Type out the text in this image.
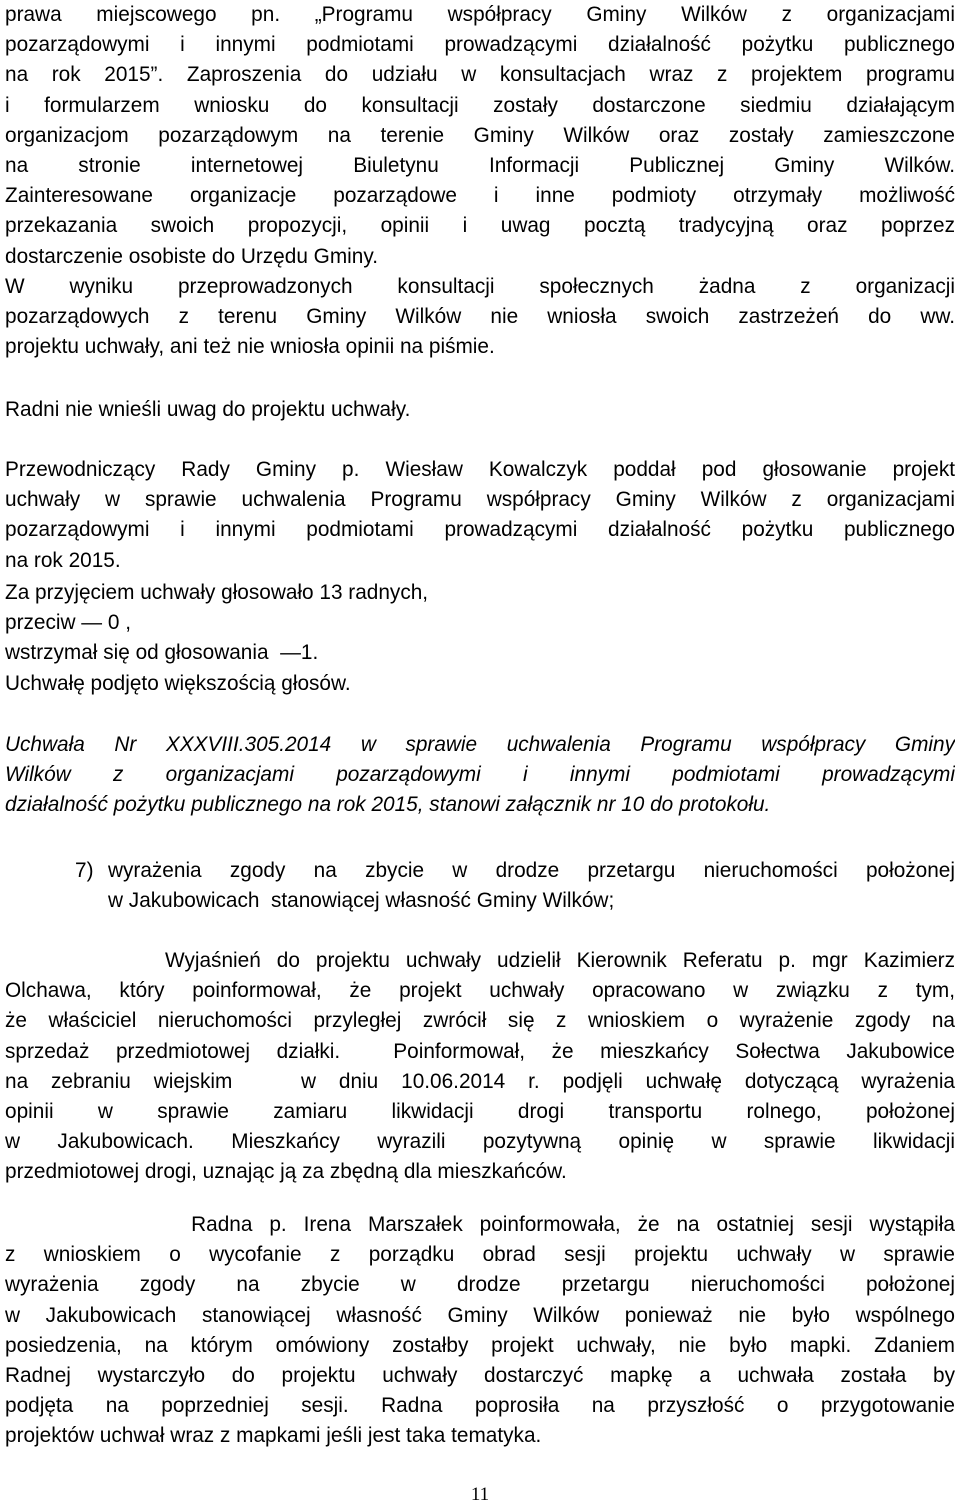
prawa miejscowego pn. „Programu współpracy Gminy Wilków z organizacjami
pozarządowymi i innymi podmiotami prowadzącymi działalność pożytku publicznego
na rok 2015”. Zaproszenia do udziału w konsultacjach wraz z projektem programu
i formularzem wniosku do konsultacji zostały dostarczone siedmiu działającym
organizacjom pozarządowym na terenie Gminy Wilków oraz zostały zamieszczone
na stronie internetowej Biuletynu Informacji Publicznej Gminy Wilków.
Zainteresowane organizacje pozarządowe i inne podmioty otrzymały możliwość
przekazania swoich propozycji, opinii i uwag pocztą tradycyjną oraz poprzez
dostarczenie osobiste do Urzędu Gminy.
W wyniku przeprowadzonych konsultacji społecznych żadna z organizacji
pozarządowych z terenu Gminy Wilków nie wniosła swoich zastrzeżeń do ww.
projektu uchwały, ani też nie wniosła opinii na piśmie.
Radni nie wnieśli uwag do projektu uchwały.
Przewodniczący Rady Gminy p. Wiesław Kowalczyk poddał pod głosowanie projekt
uchwały w sprawie uchwalenia Programu współpracy Gminy Wilków z organizacjami
pozarządowymi i innymi podmiotami prowadzącymi działalność pożytku publicznego
na rok 2015.
Za przyjęciem uchwały głosowało 13 radnych,
przeciw — 0 ,
wstrzymał się od głosowania  —1.
Uchwałę podjęto większością głosów.
Uchwała Nr XXXVIII.305.2014 w sprawie uchwalenia Programu współpracy Gminy
Wilków z organizacjami pozarządowymi i innymi podmiotami prowadzącymi
działalność pożytku publicznego na rok 2015, stanowi załącznik nr 10 do protokołu.
7) wyrażenia zgody na zbycie w drodze przetargu nieruchomości położonej
w Jakubowicach  stanowiącej własność Gminy Wilków;
Wyjaśnień do projektu uchwały udzielił Kierownik Referatu p. mgr Kazimierz
Olchawa, który poinformował, że projekt uchwały opracowano w związku z tym,
że właściciel nieruchomości przyległej zwrócił się z wnioskiem o wyrażenie zgody na
sprzedaż przedmiotowej działki.  Poinformował, że mieszkańcy Sołectwa Jakubowice
na zebraniu wiejskim   w dniu 10.06.2014 r. podjęli uchwałę dotyczącą wyrażenia
opinii w sprawie zamiaru likwidacji drogi transportu rolnego, położonej
w Jakubowicach. Mieszkańcy wyrazili pozytywną opinię w sprawie likwidacji
przedmiotowej drogi, uznając ją za zbędną dla mieszkańców.
Radna p. Irena Marszałek poinformowała, że na ostatniej sesji wystąpiła
z wnioskiem o wycofanie z porządku obrad sesji projektu uchwały w sprawie
wyrażenia zgody na zbycie w drodze przetargu nieruchomości położonej
w Jakubowicach stanowiącej własność Gminy Wilków ponieważ nie było wspólnego
posiedzenia, na którym omówiony zostałby projekt uchwały, nie było mapki. Zdaniem
Radnej wystarczyło do projektu uchwały dostarczyć mapkę a uchwała została by
podjęta na poprzedniej sesji. Radna poprosiła na przyszłość o przygotowanie
projektów uchwał wraz z mapkami jeśli jest taka tematyka.
11
